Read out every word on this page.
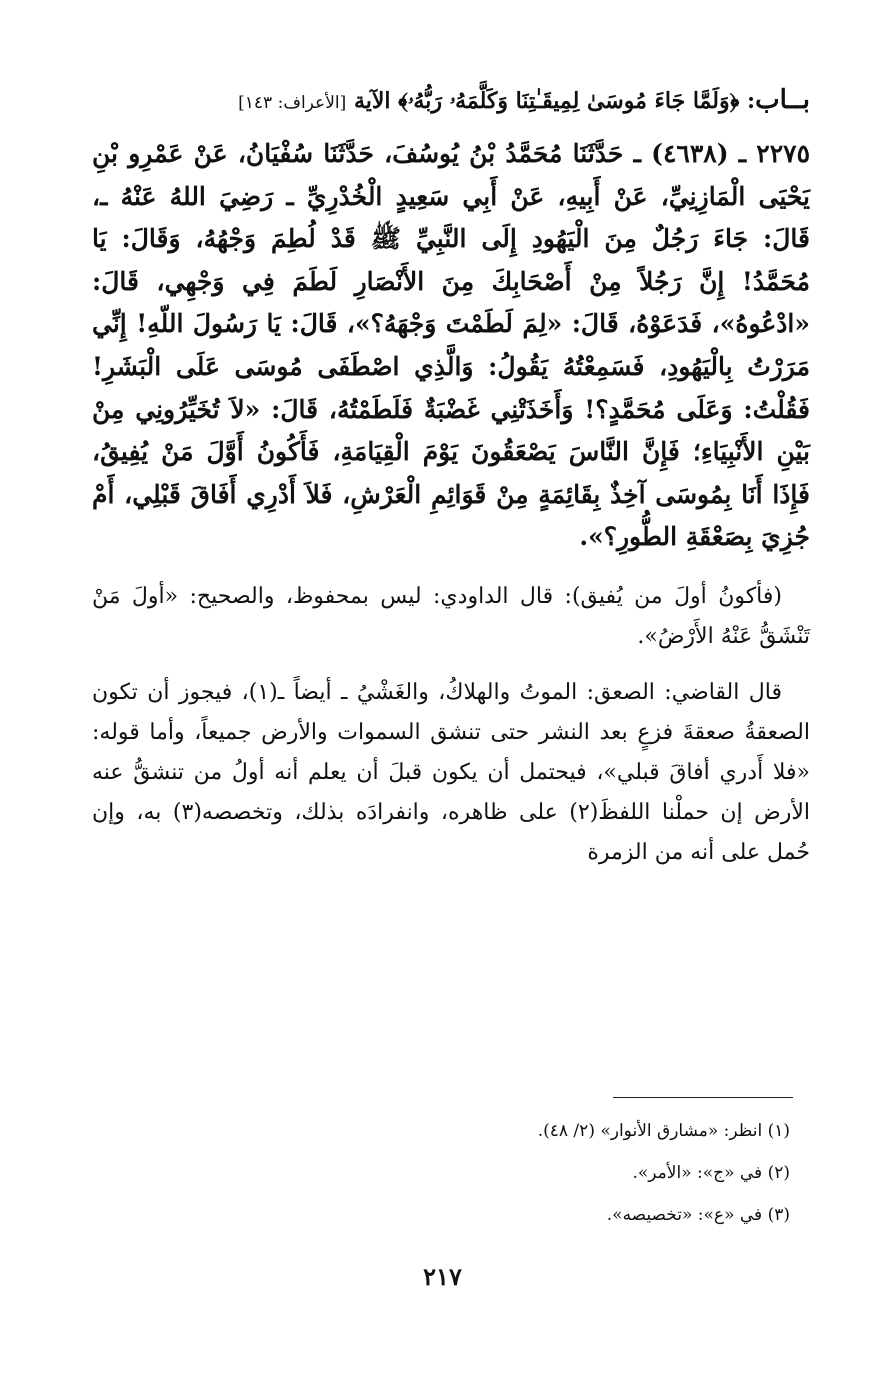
بــاب: ﴿وَلَمَّا جَاءَ مُوسَىٰ لِمِيقَـٰتِنَا وَكَلَّمَهُۥ رَبُّهُۥ﴾ الآية [الأعراف: ١٤٣]

٢٢٧٥ ـ (٤٦٣٨) ـ حَدَّثَنَا مُحَمَّدُ بْنُ يُوسُفَ، حَدَّثَنَا سُفْيَانُ، عَنْ عَمْرِو بْنِ يَحْيَى الْمَازِنِيِّ، عَنْ أَبِيهِ، عَنْ أَبِي سَعِيدٍ الْخُدْرِيِّ ـ رَضِيَ اللهُ عَنْهُ ـ، قَالَ: جَاءَ رَجُلٌ مِنَ الْيَهُودِ إِلَى النَّبِيِّ ﷺ قَدْ لُطِمَ وَجْهُهُ، وَقَالَ: يَا مُحَمَّدُ! إِنَّ رَجُلاً مِنْ أَصْحَابِكَ مِنَ الأَنْصَارِ لَطَمَ فِي وَجْهِي، قَالَ: «ادْعُوهُ»، فَدَعَوْهُ، قَالَ: «لِمَ لَطَمْتَ وَجْهَهُ؟»، قَالَ: يَا رَسُولَ اللّهِ! إِنِّي مَرَرْتُ بِالْيَهُودِ، فَسَمِعْتُهُ يَقُولُ: وَالَّذِي اصْطَفَى مُوسَى عَلَى الْبَشَرِ! فَقُلْتُ: وَعَلَى مُحَمَّدٍ؟! وَأَخَذَتْنِي غَضْبَةٌ فَلَطَمْتُهُ، قَالَ: «لاَ تُخَيِّرُونِي مِنْ بَيْنِ الأَنْبِيَاءِ؛ فَإِنَّ النَّاسَ يَصْعَقُونَ يَوْمَ الْقِيَامَةِ، فَأَكُونُ أَوَّلَ مَنْ يُفِيقُ، فَإِذَا أَنَا بِمُوسَى آخِذٌ بِقَائِمَةٍ مِنْ قَوَائِمِ الْعَرْشِ، فَلاَ أَدْرِي أَفَاقَ قَبْلِي، أَمْ جُزِيَ بِصَعْقَةِ الطُّورِ؟».

(فأكونُ أولَ من يُفيق): قال الداودي: ليس بمحفوظ، والصحيح: «أولَ مَنْ تَنْشَقُّ عَنْهُ الأَرْضُ».

قال القاضي: الصعق: الموتُ والهلاكُ، والغَشْيُ ـ أيضاً ـ(١)، فيجوز أن تكون الصعقةُ صعقةَ فزعٍ بعد النشر حتى تنشق السموات والأرض جميعاً، وأما قوله: «فلا أَدري أفاقَ قبلي»، فيحتمل أن يكون قبلَ أن يعلم أنه أولُ من تنشقُّ عنه الأرض إن حملْنا اللفظَ(٢) على ظاهره، وانفرادَه بذلك، وتخصصه(٣) به، وإن حُمل على أنه من الزمرة

(١) انظر: «مشارق الأنوار» (٢/ ٤٨).
(٢) في «ج»: «الأمر».
(٣) في «ع»: «تخصيصه».
٢١٧
